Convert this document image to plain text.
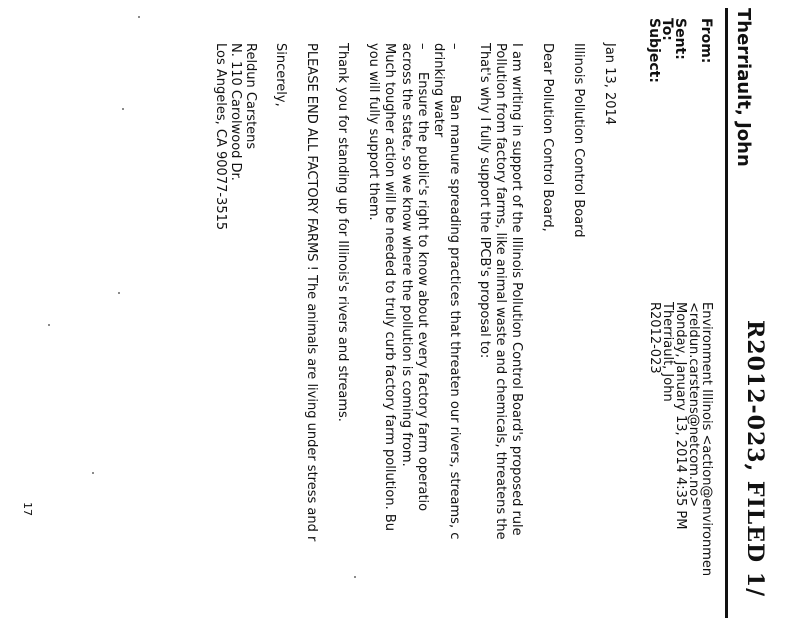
R2012-023, FILED 1/
Therriault, John
From:
Sent:
To:
Subject:
Environment Illinois <action@environmen
<reldun.carstens@netcom.no>
Monday, January 13, 2014 4:35 PM
Therriault, John
R2012-023
Jan 13, 2014
Illinois Pollution Control Board
Dear Pollution Control Board,
I am writing in support of the Illinois Pollution Control Board's proposed rule
Pollution from factory farms, like animal waste and chemicals, threatens the
That's why I fully support the IPCB's proposal to:
–
Ban manure spreading practices that threaten our rivers, streams, c
drinking water
–
Ensure the public's right to know about every factory farm operatio
across the state, so we know where the pollution is coming from.
Much tougher action will be needed to truly curb factory farm pollution. Bu
you will fully support them.
Thank you for standing up for Illinois's rivers and streams.
PLEASE END ALL FACTORY FARMS ! The animals are living under stress and r
Sincerely,
Reldun Carstens
N. 110 Carolwood Dr.
Los Angeles, CA 90077-3515
17
